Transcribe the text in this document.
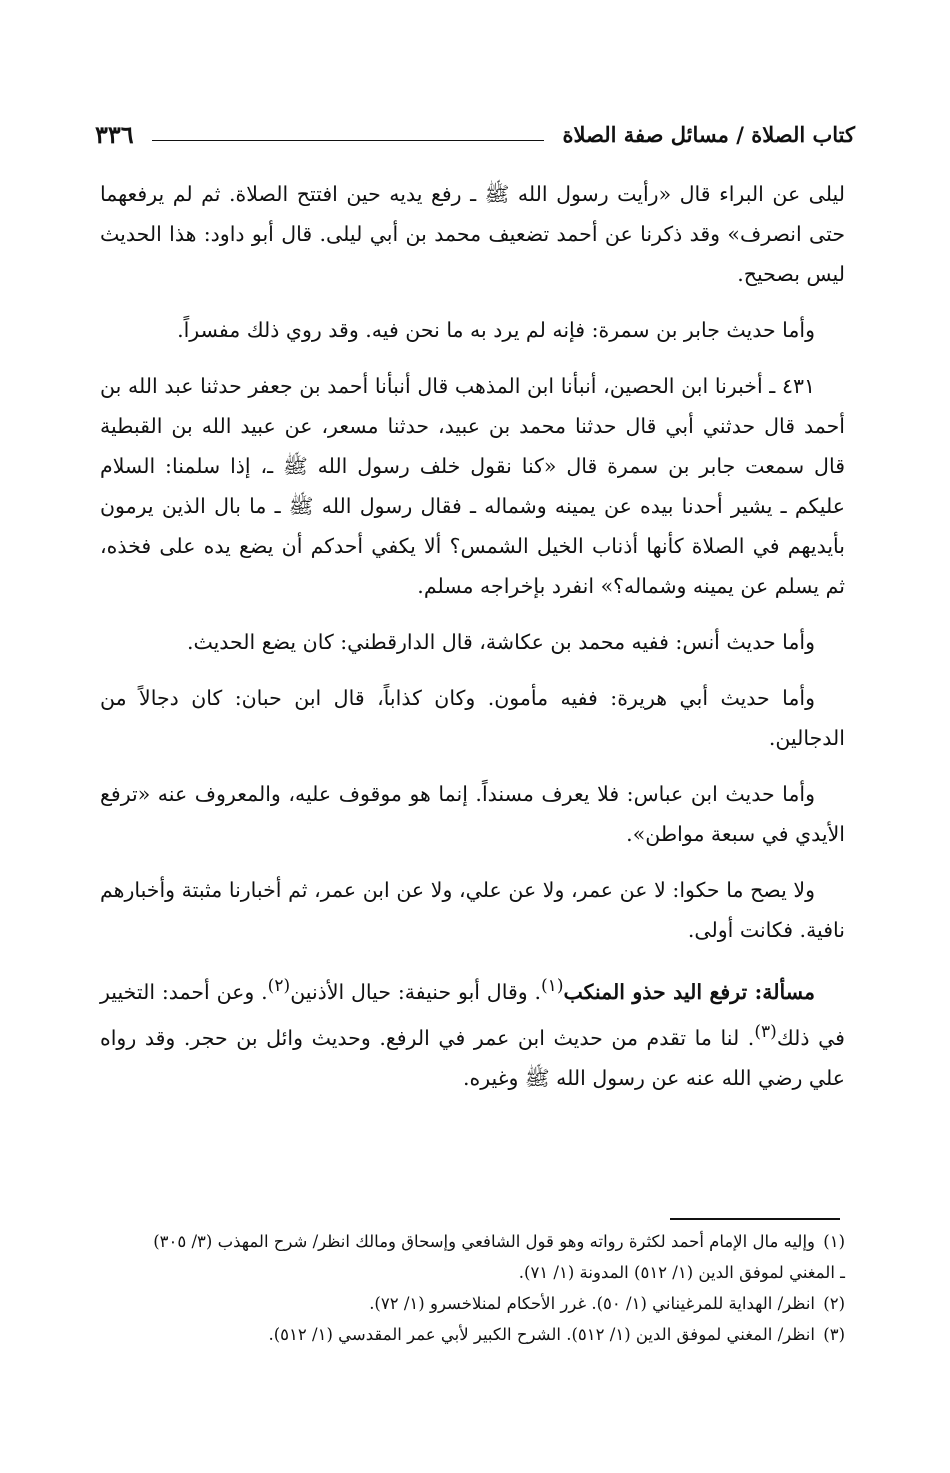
٣٣٦	كتاب الصلاة / مسائل صفة الصلاة

ليلى عن البراء قال «رأيت رسول الله ﷺ ـ رفع يديه حين افتتح الصلاة. ثم لم يرفعهما حتى انصرف» وقد ذكرنا عن أحمد تضعيف محمد بن أبي ليلى. قال أبو داود: هذا الحديث ليس بصحيح.

وأما حديث جابر بن سمرة: فإنه لم يرد به ما نحن فيه. وقد روي ذلك مفسراً.

٤٣١ ـ أخبرنا ابن الحصين، أنبأنا ابن المذهب قال أنبأنا أحمد بن جعفر حدثنا عبد الله بن أحمد قال حدثني أبي قال حدثنا محمد بن عبيد، حدثنا مسعر، عن عبيد الله بن القبطية قال سمعت جابر بن سمرة قال «كنا نقول خلف رسول الله ﷺ ـ، إذا سلمنا: السلام عليكم ـ يشير أحدنا بيده عن يمينه وشماله ـ فقال رسول الله ﷺ ـ ما بال الذين يرمون بأيديهم في الصلاة كأنها أذناب الخيل الشمس؟ ألا يكفي أحدكم أن يضع يده على فخذه، ثم يسلم عن يمينه وشماله؟» انفرد بإخراجه مسلم.

وأما حديث أنس: ففيه محمد بن عكاشة، قال الدارقطني: كان يضع الحديث.

وأما حديث أبي هريرة: ففيه مأمون. وكان كذاباً، قال ابن حبان: كان دجالاً من الدجالين.

وأما حديث ابن عباس: فلا يعرف مسنداً. إنما هو موقوف عليه، والمعروف عنه «ترفع الأيدي في سبعة مواطن».

ولا يصح ما حكوا: لا عن عمر، ولا عن علي، ولا عن ابن عمر، ثم أخبارنا مثبتة وأخبارهم نافية. فكانت أولى.

مسألة: ترفع اليد حذو المنكب$^{(١)}$. وقال أبو حنيفة: حيال الأذنين$^{(٢)}$. وعن أحمد: التخيير في ذلك$^{(٣)}$. لنا ما تقدم من حديث ابن عمر في الرفع. وحديث وائل بن حجر. وقد رواه علي رضي الله عنه عن رسول الله ﷺ وغيره.

(١)وإليه مال الإمام أحمد لكثرة رواته وهو قول الشافعي وإسحاق ومالك انظر/ شرح المهذب (٣/ ٣٠٥)

ـ المغني لموفق الدين (١/ ٥١٢) المدونة (١/ ٧١).

(٢)انظر/ الهداية للمرغيناني (١/ ٥٠). غرر الأحكام لمنلاخسرو (١/ ٧٢).

(٣)انظر/ المغني لموفق الدين (١/ ٥١٢). الشرح الكبير لأبي عمر المقدسي (١/ ٥١٢).
